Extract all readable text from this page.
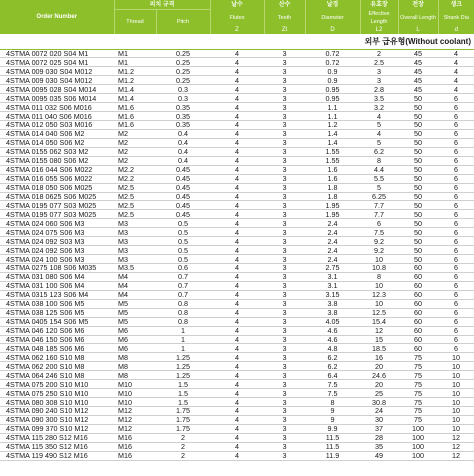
Order Number	피치 규격		날수	산수	날경	유효장	전장	생크
	Thread	Pitch	Flutes	Teeth	Diameter	Effective Length	Overall Length	Shank Dia
			Z	Zt	D	L2	L	d
외부 급유형(Without coolant)								
4STMA 0072 020 S04 M1	M1	0.25	4	3	0.72	2	45	4
4STMA 0072 025 S04 M1	M1	0.25	4	3	0.72	2.5	45	4
4STMA 009 030 S04 M012	M1.2	0.25	4	3	0.9	3	45	4
4STMA 009 030 S04 M012	M1.2	0.25	4	3	0.9	3	45	4
4STMA 0095 028 S04 M014	M1.4	0.3	4	3	0.95	2.8	45	4
4STMA 0095 035 S06 M014	M1.4	0.3	4	3	0.95	3.5	50	6
4STMA 011 032 S06 M016	M1.6	0.35	4	3	1.1	3.2	50	6
4STMA 011 040 S06 M016	M1.6	0.35	4	3	1.1	4	50	6
4STMA 012 050 S03 M016	M1.6	0.35	4	3	1.2	5	50	6
4STMA 014 040 S06 M2	M2	0.4	4	3	1.4	4	50	6
4STMA 014 050 S06 M2	M2	0.4	4	3	1.4	5	50	6
4STMA 0155 062 S03 M2	M2	0.4	4	3	1.55	6.2	50	6
4STMA 0155 080 S06 M2	M2	0.4	4	3	1.55	8	50	6
4STMA 016 044 S06 M022	M2.2	0.45	4	3	1.6	4.4	50	6
4STMA 016 055 S06 M022	M2.2	0.45	4	3	1.6	5.5	50	6
4STMA 018 050 S06 M025	M2.5	0.45	4	3	1.8	5	50	6
4STMA 018 0625 S06 M025	M2.5	0.45	4	3	1.8	6.25	50	6
4STMA 0195 077 S03 M025	M2.5	0.45	4	3	1.95	7.7	50	6
4STMA 0195 077 S03 M025	M2.5	0.45	4	3	1.95	7.7	50	6
4STMA 024 060 S06 M3	M3	0.5	4	3	2.4	6	50	6
4STMA 024 075 S06 M3	M3	0.5	4	3	2.4	7.5	50	6
4STMA 024 092 S03 M3	M3	0.5	4	3	2.4	9.2	50	6
4STMA 024 092 S06 M3	M3	0.5	4	3	2.4	9.2	50	6
4STMA 024 100 S06 M3	M3	0.5	4	3	2.4	10	50	6
4STMA 0275 108 S06 M035	M3.5	0.6	4	3	2.75	10.8	60	6
4STMA 031 080 S06 M4	M4	0.7	4	3	3.1	8	60	6
4STMA 031 100 S06 M4	M4	0.7	4	3	3.1	10	60	6
4STMA 0315 123 S06 M4	M4	0.7	4	3	3.15	12.3	60	6
4STMA 038 100 S06 M5	M5	0.8	4	3	3.8	10	60	6
4STMA 038 125 S06 M5	M5	0.8	4	3	3.8	12.5	60	6
4STMA 0405 154 S06 M5	M5	0.8	4	3	4.05	15.4	60	6
4STMA 046 120 S06 M6	M6	1	4	3	4.6	12	60	6
4STMA 046 150 S06 M6	M6	1	4	3	4.6	15	60	6
4STMA 048 185 S06 M6	M6	1	4	3	4.8	18.5	60	6
4STMA 062 160 S10 M8	M8	1.25	4	3	6.2	16	75	10
4STMA 062 200 S10 M8	M8	1.25	4	3	6.2	20	75	10
4STMA 064 246 S10 M8	M8	1.25	4	3	6.4	24.6	75	10
4STMA 075 200 S10 M10	M10	1.5	4	3	7.5	20	75	10
4STMA 075 250 S10 M10	M10	1.5	4	3	7.5	25	75	10
4STMA 080 308 S10 M10	M10	1.5	4	3	8	30.8	75	10
4STMA 090 240 S10 M12	M12	1.75	4	3	9	24	75	10
4STMA 090 300 S10 M12	M12	1.75	4	3	9	30	75	10
4STMA 099 370 S10 M12	M12	1.75	4	3	9.9	37	100	10
4STMA 115 280 S12 M16	M16	2	4	3	11.5	28	100	12
4STMA 115 350 S12 M16	M16	2	4	3	11.5	35	100	12
4STMA 119 490 S12 M16	M16	2	4	3	11.9	49	100	12
